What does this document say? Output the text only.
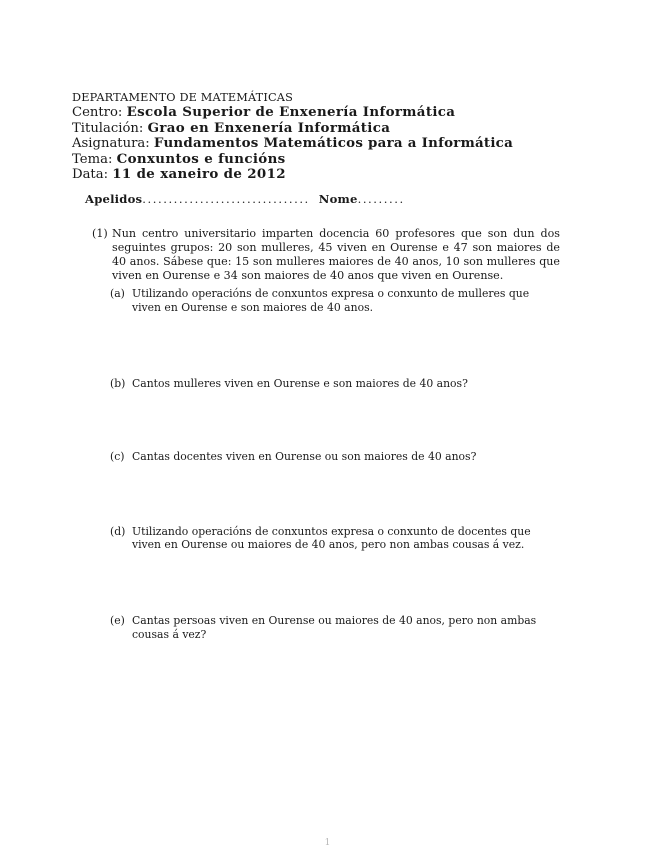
DEPARTAMENTO DE MATEMÁTICAS
Centro: Escola Superior de Enxenería Informática
Titulación: Grao en Enxenería Informática
Asignatura: Fundamentos Matemáticos para a Informática
Tema: Conxuntos e funcións
Data: 11 de xaneiro de 2012
Apelidos................................ Nome.........
(1) Nun centro universitario imparten docencia 60 profesores que son dun dos seguintes grupos: 20 son mulleres, 45 viven en Ourense e 47 son maiores de 40 anos. Sábese que: 15 son mulleres maiores de 40 anos, 10 son mulleres que viven en Ourense e 34 son maiores de 40 anos que viven en Ourense.
(a) Utilizando operacións de conxuntos expresa o conxunto de mulleres que viven en Ourense e son maiores de 40 anos.
(b) Cantos mulleres viven en Ourense e son maiores de 40 anos?
(c) Cantas docentes viven en Ourense ou son maiores de 40 anos?
(d) Utilizando operacións de conxuntos expresa o conxunto de docentes que viven en Ourense ou maiores de 40 anos, pero non ambas cousas á vez.
(e) Cantas persoas viven en Ourense ou maiores de 40 anos, pero non ambas cousas á vez?
1
